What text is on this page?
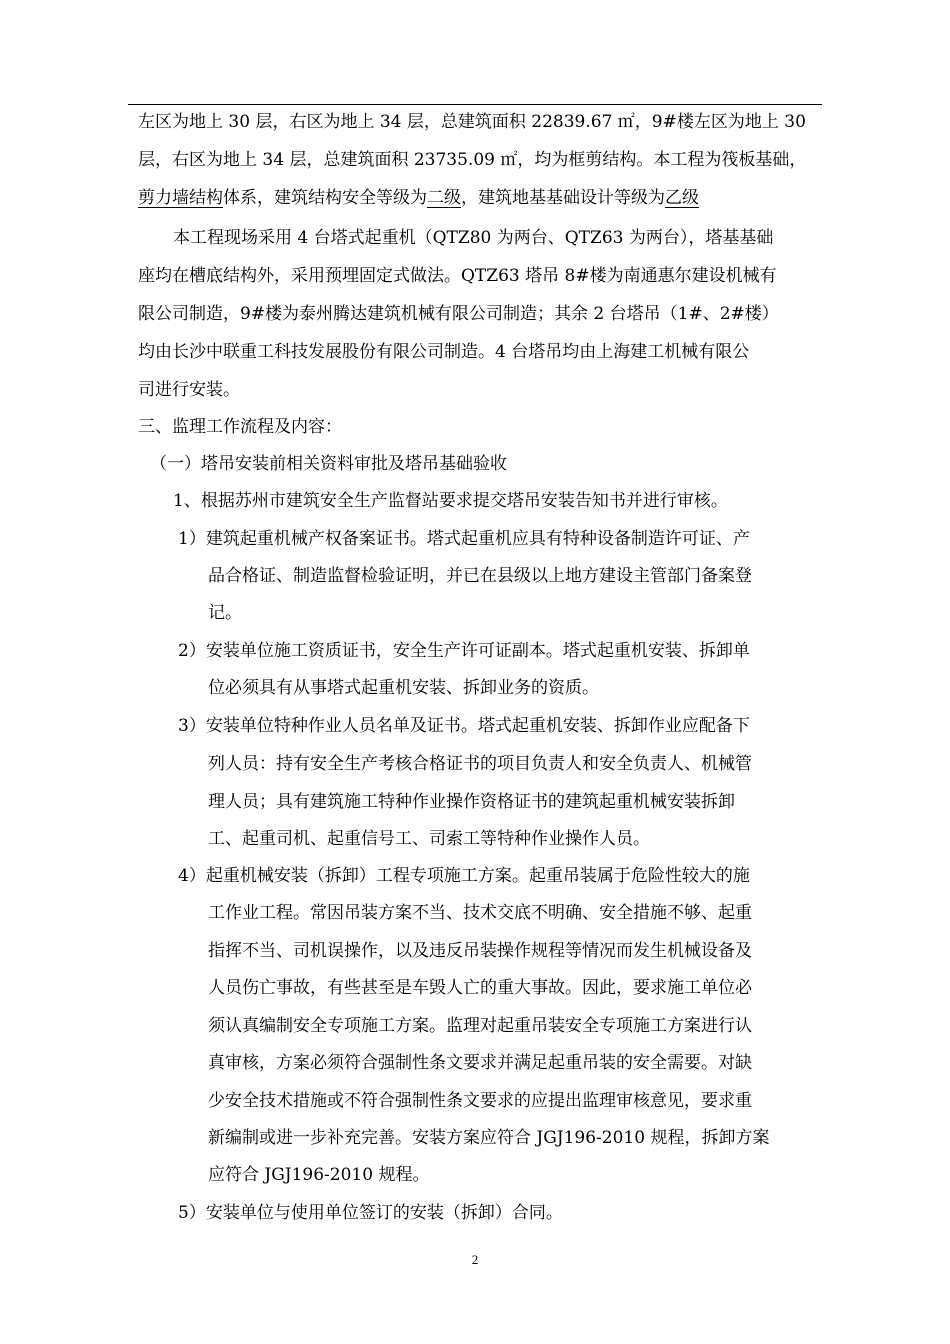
左区为地上 30 层，右区为地上 34 层，总建筑面积 22839.67 ㎡，9#楼左区为地上 30
层，右区为地上 34 层，总建筑面积 23735.09 ㎡，均为框剪结构。本工程为筏板基础，
剪力墙结构体系，建筑结构安全等级为二级，建筑地基基础设计等级为乙级
本工程现场采用 4 台塔式起重机（QTZ80 为两台、QTZ63 为两台），塔基基础
座均在槽底结构外，采用预埋固定式做法。QTZ63 塔吊 8#楼为南通惠尔建设机械有
限公司制造，9#楼为泰州腾达建筑机械有限公司制造；其余 2 台塔吊（1#、2#楼）
均由长沙中联重工科技发展股份有限公司制造。4 台塔吊均由上海建工机械有限公
司进行安装。
三、监理工作流程及内容：
（一）塔吊安装前相关资料审批及塔吊基础验收
1、根据苏州市建筑安全生产监督站要求提交塔吊安装告知书并进行审核。
1）建筑起重机械产权备案证书。塔式起重机应具有特种设备制造许可证、产
品合格证、制造监督检验证明，并已在县级以上地方建设主管部门备案登
记。
2）安装单位施工资质证书，安全生产许可证副本。塔式起重机安装、拆卸单
位必须具有从事塔式起重机安装、拆卸业务的资质。
3）安装单位特种作业人员名单及证书。塔式起重机安装、拆卸作业应配备下
列人员：持有安全生产考核合格证书的项目负责人和安全负责人、机械管
理人员；具有建筑施工特种作业操作资格证书的建筑起重机械安装拆卸
工、起重司机、起重信号工、司索工等特种作业操作人员。
4）起重机械安装（拆卸）工程专项施工方案。起重吊装属于危险性较大的施
工作业工程。常因吊装方案不当、技术交底不明确、安全措施不够、起重
指挥不当、司机误操作，以及违反吊装操作规程等情况而发生机械设备及
人员伤亡事故，有些甚至是车毁人亡的重大事故。因此，要求施工单位必
须认真编制安全专项施工方案。监理对起重吊装安全专项施工方案进行认
真审核，方案必须符合强制性条文要求并满足起重吊装的安全需要。对缺
少安全技术措施或不符合强制性条文要求的应提出监理审核意见，要求重
新编制或进一步补充完善。安装方案应符合 JGJ196-2010 规程，拆卸方案
应符合 JGJ196-2010 规程。
5）安装单位与使用单位签订的安装（拆卸）合同。
2
